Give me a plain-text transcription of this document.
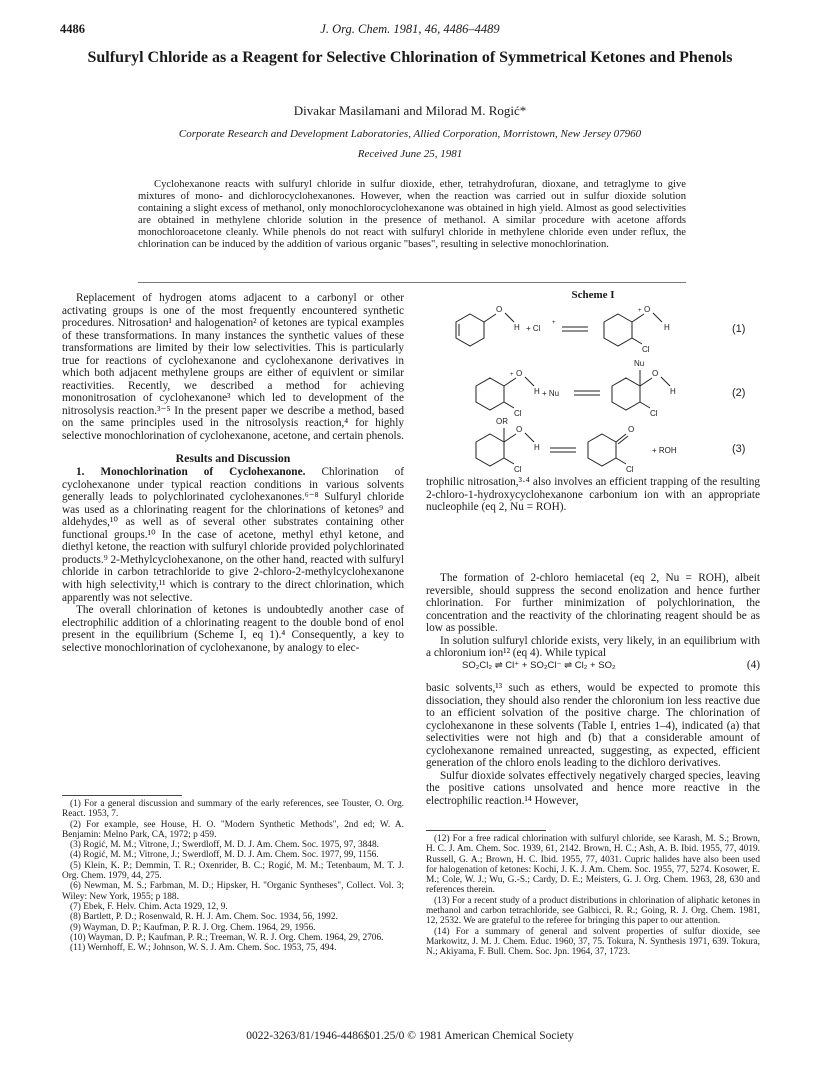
4486	J. Org. Chem. 1981, 46, 4486–4489
Sulfuryl Chloride as a Reagent for Selective Chlorination of Symmetrical Ketones and Phenols
Divakar Masilamani and Milorad M. Rogić*
Corporate Research and Development Laboratories, Allied Corporation, Morristown, New Jersey 07960
Received June 25, 1981
Cyclohexanone reacts with sulfuryl chloride in sulfur dioxide, ether, tetrahydrofuran, dioxane, and tetraglyme to give mixtures of mono- and dichlorocyclohexanones. However, when the reaction was carried out in sulfur dioxide solution containing a slight excess of methanol, only monochlorocyclohexanone was obtained in high yield. Almost as good selectivities are obtained in methylene chloride solution in the presence of methanol. A similar procedure with acetone affords monochloroacetone cleanly. While phenols do not react with sulfuryl chloride in methylene chloride even under reflux, the chlorination can be induced by the addition of various organic "bases", resulting in selective monochlorination.

Replacement of hydrogen atoms adjacent to a carbonyl or other activating groups is one of the most frequently encountered synthetic procedures. Nitrosation¹ and halogenation² of ketones are typical examples of these transformations. In many instances the synthetic values of these transformations are limited by their low selectivities. This is particularly true for reactions of cyclohexanone and cyclohexanone derivatives in which both adjacent methylene groups are either of equivlent or similar reactivities. Recently, we described a method for achieving mononitrosation of cyclohexanone³ which led to development of the nitrosolysis reaction.³⁻⁵ In the present paper we describe a method, based on the same principles used in the nitrosolysis reaction,⁴ for highly selective monochlorination of cyclohexanone, acetone, and certain phenols.

Results and Discussion

1. Monochlorination of Cyclohexanone. Chlorination of cyclohexanone under typical reaction conditions in various solvents generally leads to polychlorinated cyclohexanones.⁶⁻⁸ Sulfuryl chloride was used as a chlorinating reagent for the chlorinations of ketones⁹ and aldehydes,¹⁰ as well as of several other substrates containing other functional groups.¹⁰ In the case of acetone, methyl ethyl ketone, and diethyl ketone, the reaction with sulfuryl chloride provided polychlorinated products.⁹ 2-Methylcyclohexanone, on the other hand, reacted with sulfuryl chloride in carbon tetrachloride to give 2-chloro-2-methylcyclohexanone with high selectivity,¹¹ which is contrary to the direct chlorination, which apparently was not selective.

The overall chlorination of ketones is undoubtedly another case of electrophilic addition of a chlorinating reagent to the double bond of enol present in the equilibrium (Scheme I, eq 1).⁴ Consequently, a key to selective monochlorination of cyclohexanone, by analogy to elec-

Scheme I
O
H + Cl
+
O
+
H
Cl
O
+
H
Cl
+ Nu
Nu
O
H
Cl
OR
O
H
Cl
O
Cl
+ ROH
(1)
(2)
(3)

trophilic nitrosation,³·⁴ also involves an efficient trapping of the resulting 2-chloro-1-hydroxycyclohexanone carbonium ion with an appropriate nucleophile (eq 2, Nu = ROH).

The formation of 2-chloro hemiacetal (eq 2, Nu = ROH), albeit reversible, should suppress the second enolization and hence further chlorination. For further minimization of polychlorination, the concentration and the reactivity of the chlorinating reagent should be as low as possible.

In solution sulfuryl chloride exists, very likely, in an equilibrium with a chloronium ion¹² (eq 4). While typical

SO₂Cl₂ ⇌ Cl⁺ + SO₂Cl⁻ ⇌ Cl₂ + SO₂	(4)

basic solvents,¹³ such as ethers, would be expected to promote this dissociation, they should also render the chloronium ion less reactive due to an efficient solvation of the positive charge. The chlorination of cyclohexanone in these solvents (Table I, entries 1–4), indicated (a) that selectivities were not high and (b) that a considerable amount of cyclohexanone remained unreacted, suggesting, as expected, efficient generation of the chloro enols leading to the dichloro derivatives.

Sulfur dioxide solvates effectively negatively charged species, leaving the positive cations unsolvated and hence more reactive in the electrophilic reaction.¹⁴ However,

(1) For a general discussion and summary of the early references, see Touster, O. Org. React. 1953, 7.

(2) For example, see House, H. O. "Modern Synthetic Methods", 2nd ed; W. A. Benjamin: Melno Park, CA, 1972; p 459.

(3) Rogić, M. M.; Vitrone, J.; Swerdloff, M. D. J. Am. Chem. Soc. 1975, 97, 3848.

(4) Rogić, M. M.; Vitrone, J.; Swerdloff, M. D. J. Am. Chem. Soc. 1977, 99, 1156.

(5) Klein, K. P.; Demmin, T. R.; Oxenrider, B. C.; Rogić, M. M.; Tetenbaum, M. T. J. Org. Chem. 1979, 44, 275.

(6) Newman, M. S.; Farbman, M. D.; Hipsker, H. "Organic Syntheses", Collect. Vol. 3; Wiley: New York, 1955; p 188.

(7) Ebek, F. Helv. Chim. Acta 1929, 12, 9.

(8) Bartlett, P. D.; Rosenwald, R. H. J. Am. Chem. Soc. 1934, 56, 1992.

(9) Wayman, D. P.; Kaufman, P. R. J. Org. Chem. 1964, 29, 1956.

(10) Wayman, D. P.; Kaufman, P. R.; Treeman, W. R. J. Org. Chem. 1964, 29, 2706.

(11) Wernhoff, E. W.; Johnson, W. S. J. Am. Chem. Soc. 1953, 75, 494.

(12) For a free radical chlorination with sulfuryl chloride, see Karash, M. S.; Brown, H. C. J. Am. Chem. Soc. 1939, 61, 2142. Brown, H. C.; Ash, A. B. Ibid. 1955, 77, 4019. Russell, G. A.; Brown, H. C. Ibid. 1955, 77, 4031. Cupric halides have also been used for halogenation of ketones: Kochi, J. K. J. Am. Chem. Soc. 1955, 77, 5274. Kosower, E. M.; Cole, W. J.; Wu, G.-S.; Cardy, D. E.; Meisters, G. J. Org. Chem. 1963, 28, 630 and references therein.

(13) For a recent study of a product distributions in chlorination of aliphatic ketones in methanol and carbon tetrachloride, see Galbicci, R. R.; Going, R. J. Org. Chem. 1981, 12, 2532. We are grateful to the referee for bringing this paper to our attention.

(14) For a summary of general and solvent properties of sulfur dioxide, see Markowitz, J. M. J. Chem. Educ. 1960, 37, 75. Tokura, N. Synthesis 1971, 639. Tokura, N.; Akiyama, F. Bull. Chem. Soc. Jpn. 1964, 37, 1723.

0022-3263/81/1946-4486$01.25/0 © 1981 American Chemical Society
